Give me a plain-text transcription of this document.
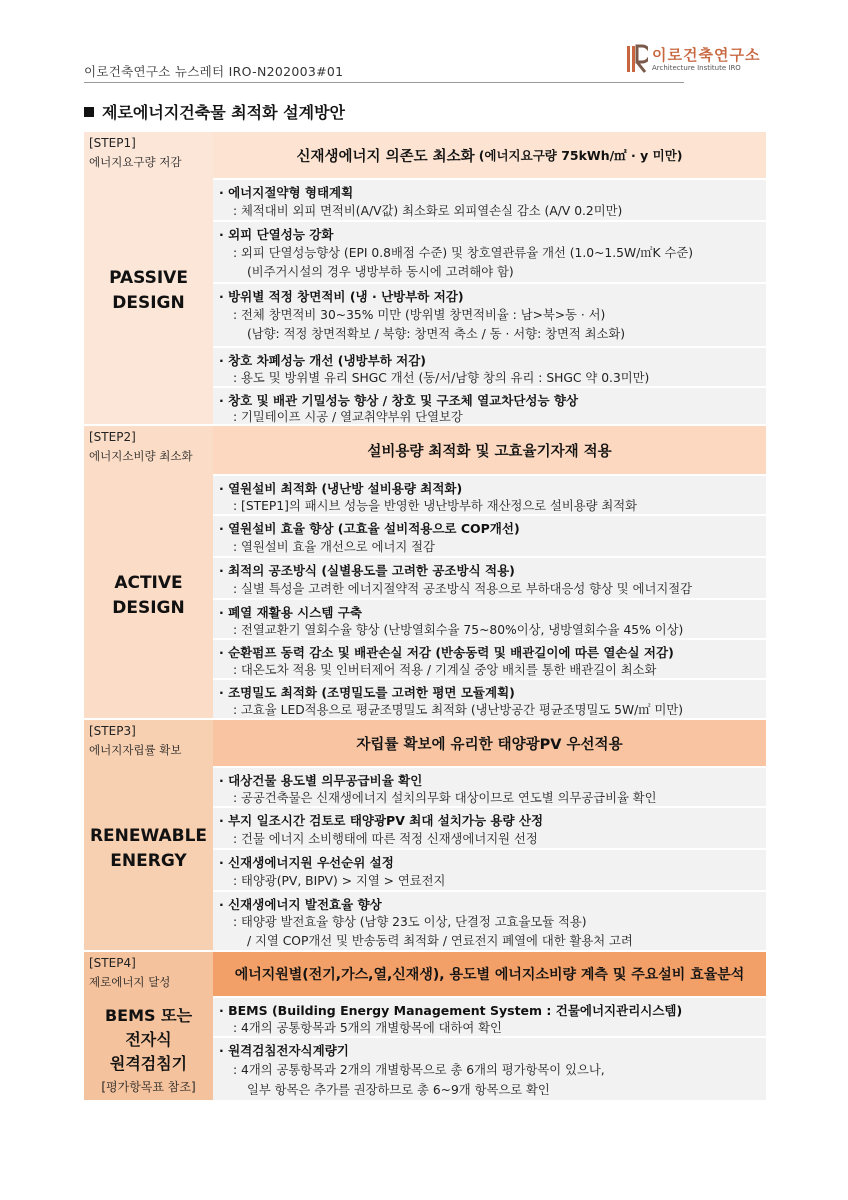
이로건축연구소 뉴스레터 IRO-N202003#01
이로건축연구소
Architecture Institute IRO
제로에너지건축물 최적화 설계방안
[STEP1]
에너지요구량 저감
PASSIVE
DESIGN
신재생에너지 의존도 최소화 (에너지요구량 75kWh/㎡ · y 미만)
· 에너지절약형 형태계획
: 체적대비 외피 면적비(A/V값) 최소화로 외피열손실 감소 (A/V 0.2미만)
· 외피 단열성능 강화
: 외피 단열성능향상 (EPI 0.8배점 수준) 및 창호열관류율 개선 (1.0~1.5W/㎡K 수준)
(비주거시설의 경우 냉방부하 동시에 고려해야 함)
· 방위별 적정 창면적비 (냉 · 난방부하 저감)
: 전체 창면적비 30~35% 미만 (방위별 창면적비율 : 남>북>동 · 서)
(남향: 적정 창면적확보 / 북향: 창면적 축소 / 동 · 서향: 창면적 최소화)
· 창호 차폐성능 개선 (냉방부하 저감)
: 용도 및 방위별 유리 SHGC 개선 (동/서/남향 창의 유리 : SHGC 약 0.3미만)
· 창호 및 배관 기밀성능 향상 / 창호 및 구조체 열교차단성능 향상
: 기밀테이프 시공 / 열교취약부위 단열보강
[STEP2]
에너지소비량 최소화
ACTIVE
DESIGN
설비용량 최적화 및 고효율기자재 적용
· 열원설비 최적화 (냉난방 설비용량 최적화)
: [STEP1]의 패시브 성능을 반영한 냉난방부하 재산정으로 설비용량 최적화
· 열원설비 효율 향상 (고효율 설비적용으로 COP개선)
: 열원설비 효율 개선으로 에너지 절감
· 최적의 공조방식 (실별용도를 고려한 공조방식 적용)
: 실별 특성을 고려한 에너지절약적 공조방식 적용으로 부하대응성 향상 및 에너지절감
· 폐열 재활용 시스템 구축
: 전열교환기 열회수율 향상 (난방열회수율 75~80%이상, 냉방열회수율 45% 이상)
· 순환펌프 동력 감소 및 배관손실 저감 (반송동력 및 배관길이에 따른 열손실 저감)
: 대온도차 적용 및 인버터제어 적용 / 기계실 중앙 배치를 통한 배관길이 최소화
· 조명밀도 최적화 (조명밀도를 고려한 평면 모듈계획)
: 고효율 LED적용으로 평균조명밀도 최적화 (냉난방공간 평균조명밀도 5W/㎡ 미만)
[STEP3]
에너지자립률 확보
RENEWABLE
ENERGY
자립률 확보에 유리한 태양광PV 우선적용
· 대상건물 용도별 의무공급비율 확인
: 공공건축물은 신재생에너지 설치의무화 대상이므로 연도별 의무공급비율 확인
· 부지 일조시간 검토로 태양광PV 최대 설치가능 용량 산정
: 건물 에너지 소비행태에 따른 적정 신재생에너지원 선정
· 신재생에너지원 우선순위 설정
: 태양광(PV, BIPV) > 지열 > 연료전지
· 신재생에너지 발전효율 향상
: 태양광 발전효율 향상 (남향 23도 이상, 단결정 고효율모듈 적용)
/ 지열 COP개선 및 반송동력 최적화 / 연료전지 폐열에 대한 활용처 고려
[STEP4]
제로에너지 달성
BEMS 또는
전자식
원격검침기
[평가항목표 참조]
에너지원별(전기,가스,열,신재생), 용도별 에너지소비량 계측 및 주요설비 효율분석
· BEMS (Building Energy Management System : 건물에너지관리시스템)
: 4개의 공통항목과 5개의 개별항목에 대하여 확인
· 원격검침전자식계량기
: 4개의 공통항목과 2개의 개별항목으로 총 6개의 평가항목이 있으나,
일부 항목은 추가를 권장하므로 총 6~9개 항목으로 확인
